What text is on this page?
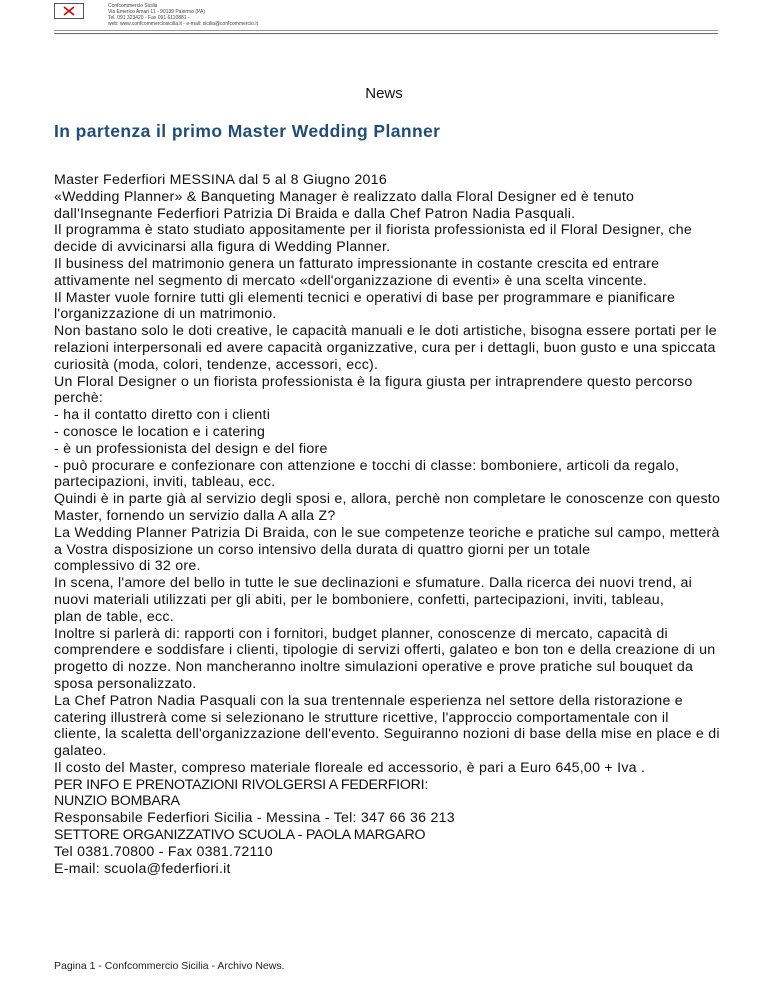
Confcommercio Sicilia
Via Emerico Amari 11 - 90139 Palermo (PA)
Tel. 091 323420 - Fax 091 6110881 -
web: www.confcommerciosicilia.it - e-mail: sicilia@confcommercio.it
News
In partenza il primo Master Wedding Planner

Master Federfiori MESSINA dal 5 al 8 Giugno 2016

«Wedding Planner» & Banqueting Manager è realizzato dalla Floral Designer ed è tenuto dall'Insegnante Federfiori Patrizia Di Braida e dalla Chef Patron Nadia Pasquali.

Il programma è stato studiato appositamente per il fiorista professionista ed il Floral Designer, che decide di avvicinarsi alla figura di Wedding Planner.

Il business del matrimonio genera un fatturato impressionante in costante crescita ed entrare attivamente nel segmento di mercato «dell'organizzazione di eventi» è una scelta vincente.

Il Master vuole fornire tutti gli elementi tecnici e operativi di base per programmare e pianificare l'organizzazione di un matrimonio.

Non bastano solo le doti creative, le capacità manuali e le doti artistiche, bisogna essere portati per le relazioni interpersonali ed avere capacità organizzative, cura per i dettagli, buon gusto e una spiccata curiosità (moda, colori, tendenze, accessori, ecc).

Un Floral Designer o un fiorista professionista è la figura giusta per intraprendere questo percorso perchè:

- ha il contatto diretto con i clienti

- conosce le location e i catering

- è un professionista del design e del fiore

- può procurare e confezionare con attenzione e tocchi di classe: bomboniere, articoli da regalo, partecipazioni, inviti, tableau, ecc.

Quindi è in parte già al servizio degli sposi e, allora, perchè non completare le conoscenze con questo Master, fornendo un servizio dalla A alla Z?

La Wedding Planner Patrizia Di Braida, con le sue competenze teoriche e pratiche sul campo, metterà a Vostra disposizione un corso intensivo della durata di quattro giorni per un totale

complessivo di 32 ore.

In scena, l'amore del bello in tutte le sue declinazioni e sfumature. Dalla ricerca dei nuovi trend, ai nuovi materiali utilizzati per gli abiti, per le bomboniere, confetti, partecipazioni, inviti, tableau,

plan de table, ecc.

Inoltre si parlerà di: rapporti con i fornitori, budget planner, conoscenze di mercato, capacità di comprendere e soddisfare i clienti, tipologie di servizi offerti, galateo e bon ton e della creazione di un progetto di nozze. Non mancheranno inoltre simulazioni operative e prove pratiche sul bouquet da sposa personalizzato.

La Chef Patron Nadia Pasquali con la sua trentennale esperienza nel settore della ristorazione e catering illustrerà come si selezionano le strutture ricettive, l'approccio comportamentale con il

cliente, la scaletta dell'organizzazione dell'evento. Seguiranno nozioni di base della mise en place e di galateo.

Il costo del Master, compreso materiale floreale ed accessorio, è pari a Euro 645,00 + Iva .

PER INFO E PRENOTAZIONI RIVOLGERSI A FEDERFIORI:

NUNZIO BOMBARA

Responsabile Federfiori Sicilia - Messina - Tel: 347 66 36 213

SETTORE ORGANIZZATIVO SCUOLA - PAOLA MARGARO

Tel 0381.70800 - Fax 0381.72110

E-mail: scuola@federfiori.it

Pagina 1 - Confcommercio Sicilia - Archivo News.
